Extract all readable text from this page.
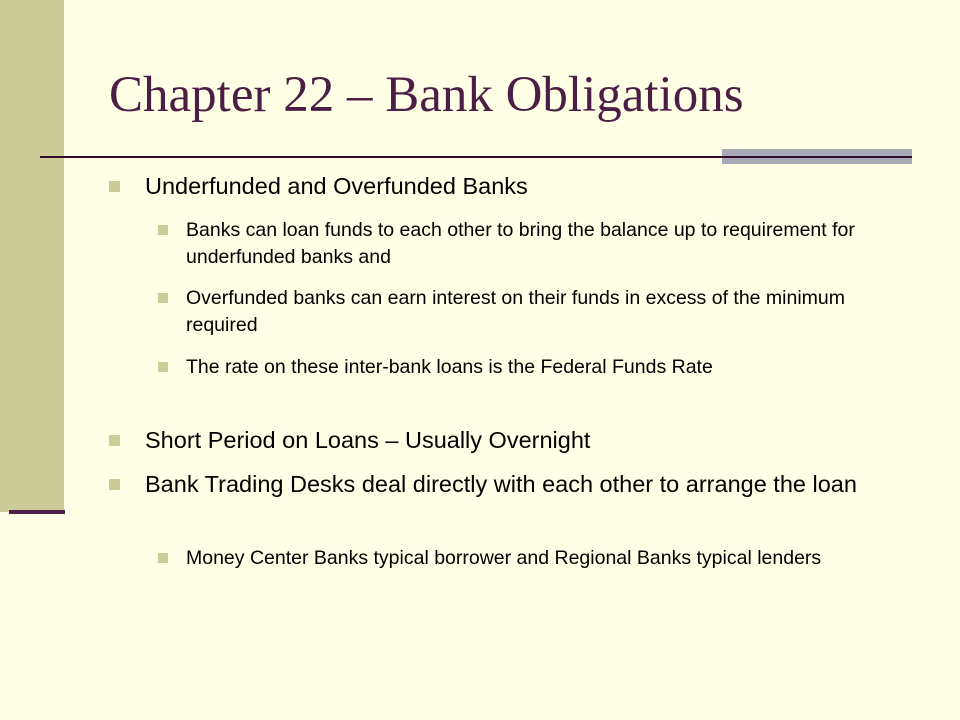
Chapter 22 – Bank Obligations
Underfunded and Overfunded Banks
Banks can loan funds to each other to bring the balance up to requirement for underfunded banks and
Overfunded banks can earn interest on their funds in excess of the minimum required
The rate on these inter-bank loans is the Federal Funds Rate
Short Period on Loans – Usually Overnight
Bank Trading Desks deal directly with each other to arrange the loan
Money Center Banks typical borrower and Regional Banks typical lenders
